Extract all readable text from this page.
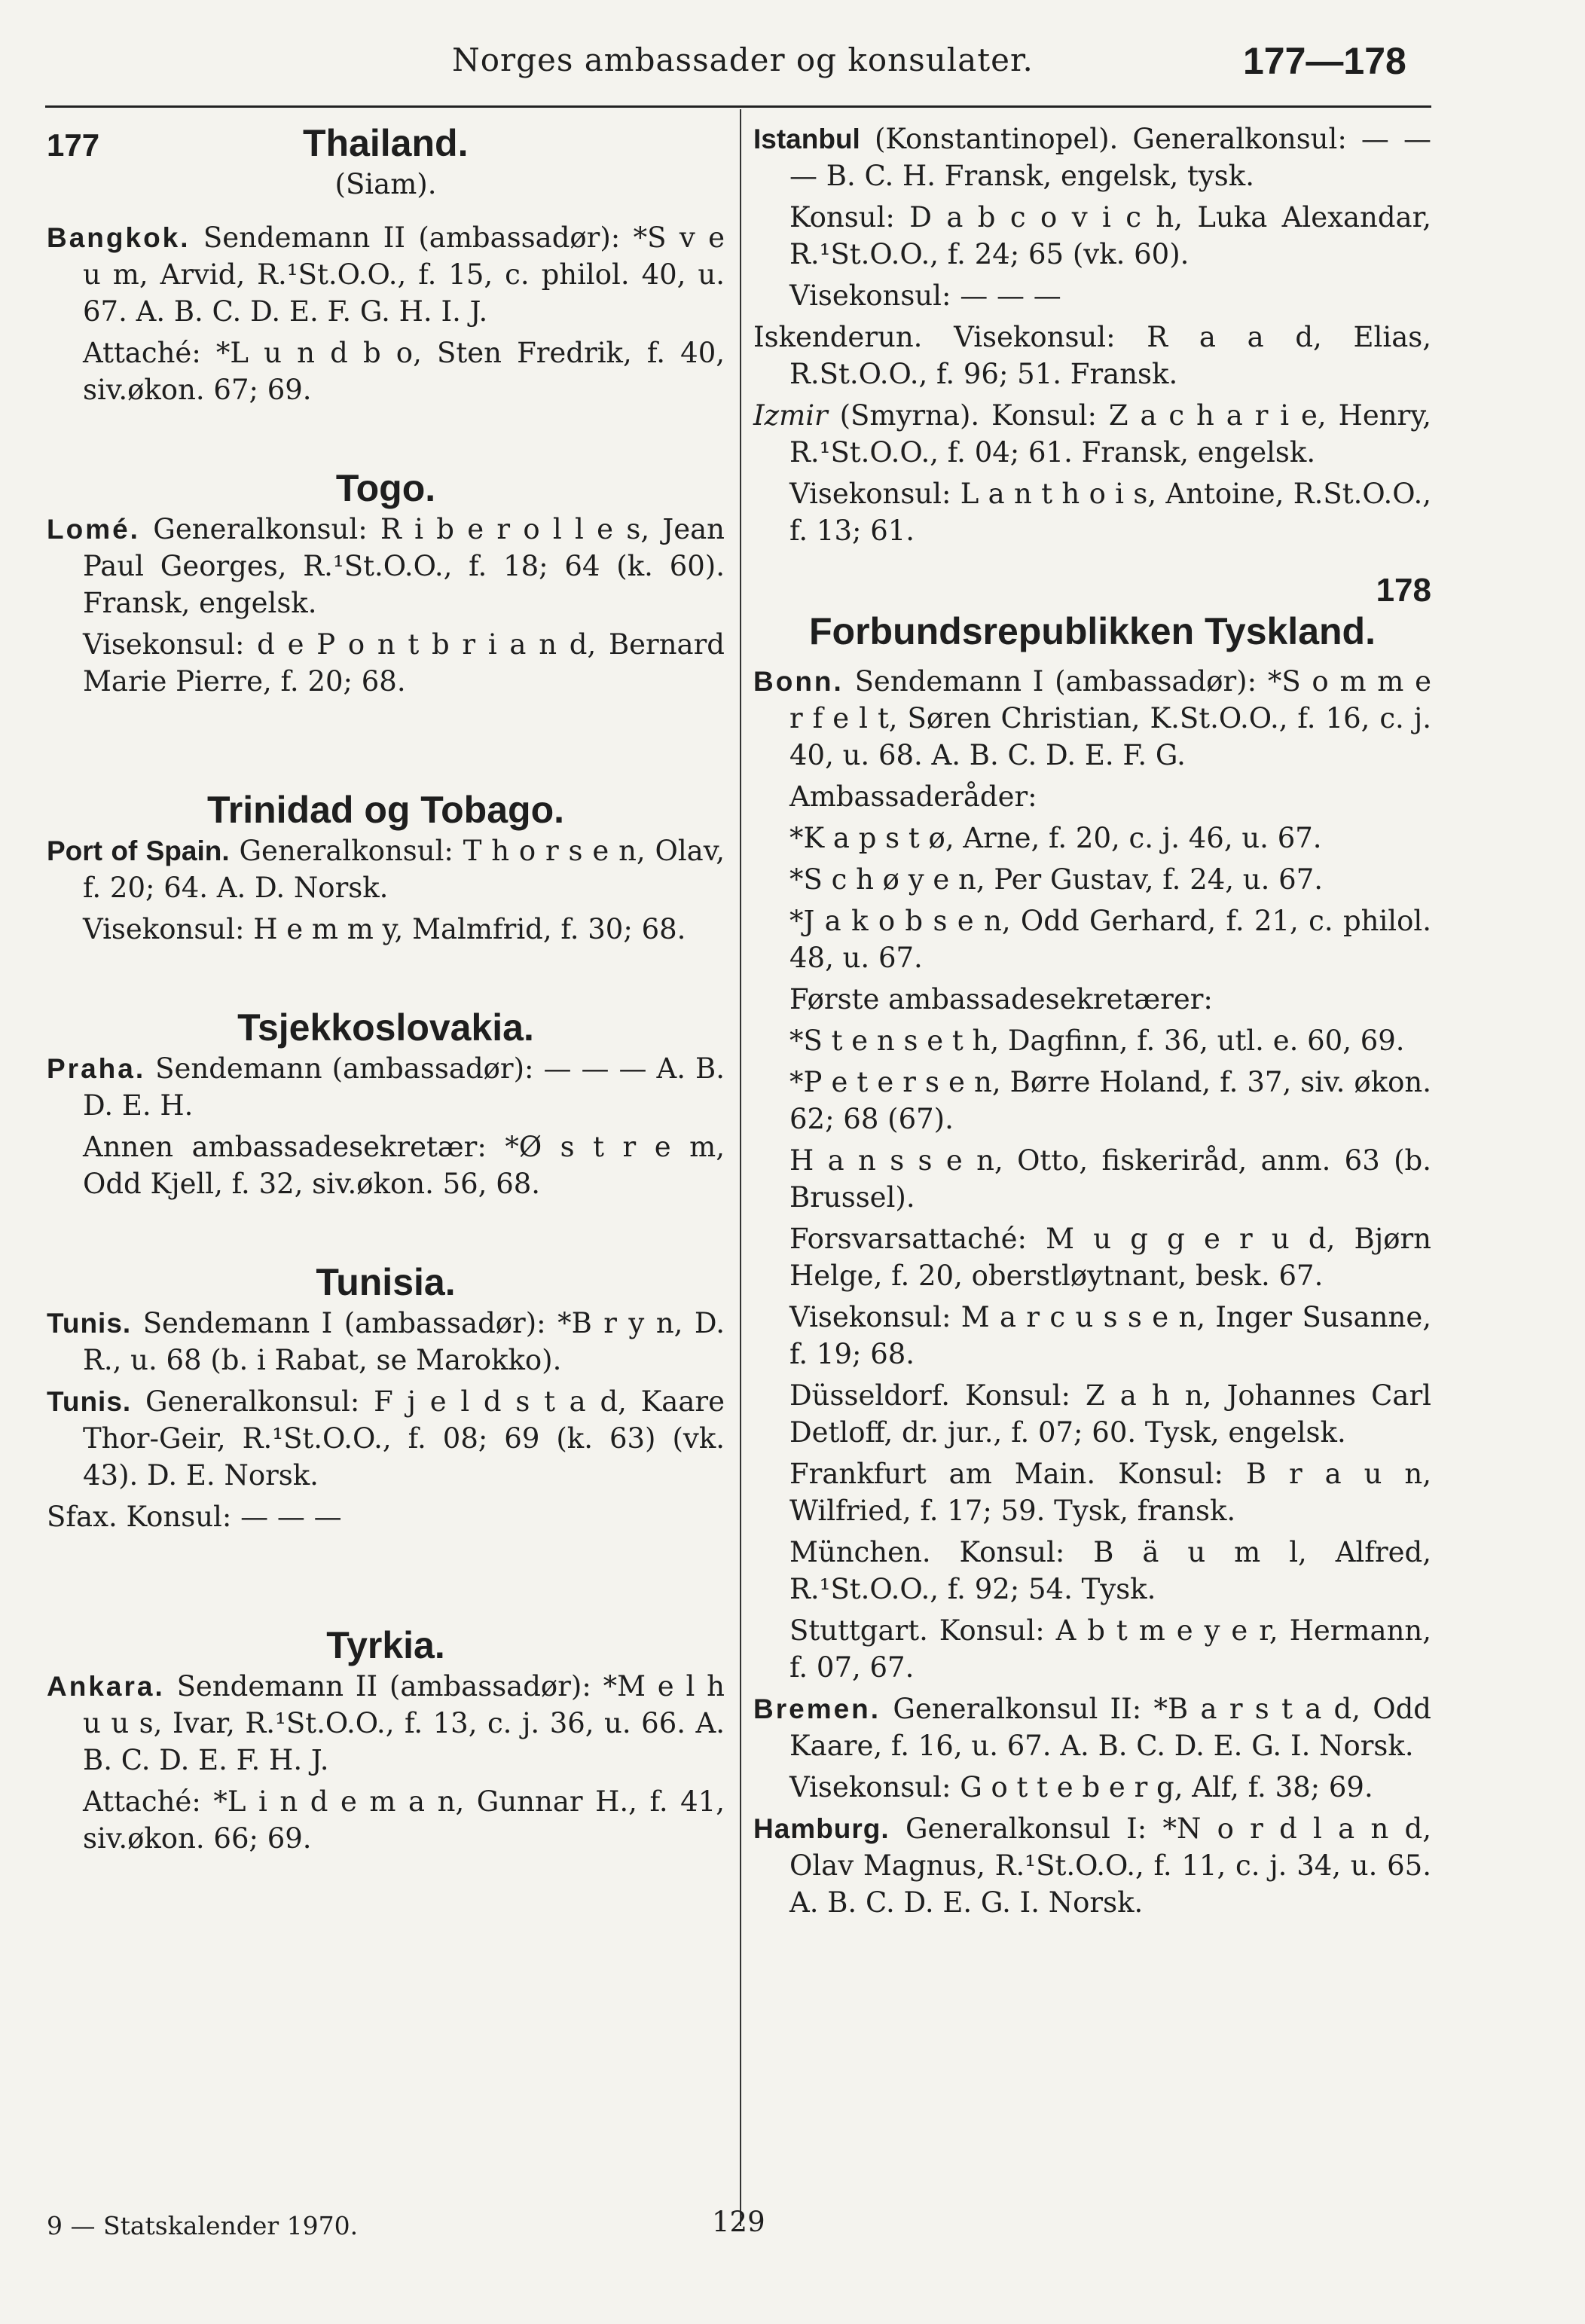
Norges ambassader og konsulater.	177—178
177	Thailand.
(Siam).

Bangkok. Sendemann II (ambassadør): *S v e u m, Arvid, R.¹St.O.O., f. 15, c. philol. 40, u. 67. A. B. C. D. E. F. G. H. I. J.

Attaché: *L u n d b o, Sten Fredrik, f. 40, siv.økon. 67; 69.

Togo.

Lomé. Generalkonsul: R i b e r o l l e s, Jean Paul Georges, R.¹St.O.O., f. 18; 64 (k. 60). Fransk, engelsk.

Visekonsul: d e P o n t b r i a n d, Bernard Marie Pierre, f. 20; 68.

Trinidad og Tobago.

Port of Spain. Generalkonsul: T h o r s e n, Olav, f. 20; 64. A. D. Norsk.

Visekonsul: H e m m y, Malmfrid, f. 30; 68.

Tsjekkoslovakia.

Praha. Sendemann (ambassadør): — — — A. B. D. E. H.

Annen ambassadesekretær: *Ø s t r e m, Odd Kjell, f. 32, siv.økon. 56, 68.

Tunisia.

Tunis. Sendemann I (ambassadør): *B r y n, D. R., u. 68 (b. i Rabat, se Marokko).

Tunis. Generalkonsul: F j e l d s t a d, Kaare Thor-Geir, R.¹St.O.O., f. 08; 69 (k. 63) (vk. 43). D. E. Norsk.

Sfax. Konsul: — — —

Tyrkia.

Ankara. Sendemann II (ambassadør): *M e l h u u s, Ivar, R.¹St.O.O., f. 13, c. j. 36, u. 66. A. B. C. D. E. F. H. J.

Attaché: *L i n d e m a n, Gunnar H., f. 41, siv.økon. 66; 69.

Istanbul (Konstantinopel). Generalkonsul: — — — B. C. H. Fransk, engelsk, tysk.

Konsul: D a b c o v i c h, Luka Alexandar, R.¹St.O.O., f. 24; 65 (vk. 60).

Visekonsul: — — —

Iskenderun. Visekonsul: R a a d, Elias, R.St.O.O., f. 96; 51. Fransk.

Izmir (Smyrna). Konsul: Z a c h a r i e, Henry, R.¹St.O.O., f. 04; 61. Fransk, engelsk.

Visekonsul: L a n t h o i s, Antoine, R.St.O.O., f. 13; 61.

178
Forbundsrepublikken Tyskland.

Bonn. Sendemann I (ambassadør): *S o m m e r f e l t, Søren Christian, K.St.O.O., f. 16, c. j. 40, u. 68. A. B. C. D. E. F. G.

Ambassaderåder:

*K a p s t ø, Arne, f. 20, c. j. 46, u. 67.

*S c h ø y e n, Per Gustav, f. 24, u. 67.

*J a k o b s e n, Odd Gerhard, f. 21, c. philol. 48, u. 67.

Første ambassadesekretærer:

*S t e n s e t h, Dagfinn, f. 36, utl. e. 60, 69.

*P e t e r s e n, Børre Holand, f. 37, siv. økon. 62; 68 (67).

H a n s s e n, Otto, fiskeriråd, anm. 63 (b. Brussel).

Forsvarsattaché: M u g g e r u d, Bjørn Helge, f. 20, oberstløytnant, besk. 67.

Visekonsul: M a r c u s s e n, Inger Susanne, f. 19; 68.

Düsseldorf. Konsul: Z a h n, Johannes Carl Detloff, dr. jur., f. 07; 60. Tysk, engelsk.

Frankfurt am Main. Konsul: B r a u n, Wilfried, f. 17; 59. Tysk, fransk.

München. Konsul: B ä u m l, Alfred, R.¹St.O.O., f. 92; 54. Tysk.

Stuttgart. Konsul: A b t m e y e r, Hermann, f. 07, 67.

Bremen. Generalkonsul II: *B a r s t a d, Odd Kaare, f. 16, u. 67. A. B. C. D. E. G. I. Norsk.

Visekonsul: G o t t e b e r g, Alf, f. 38; 69.

Hamburg. Generalkonsul I: *N o r d l a n d, Olav Magnus, R.¹St.O.O., f. 11, c. j. 34, u. 65. A. B. C. D. E. G. I. Norsk.

9 — Statskalender 1970.	129
